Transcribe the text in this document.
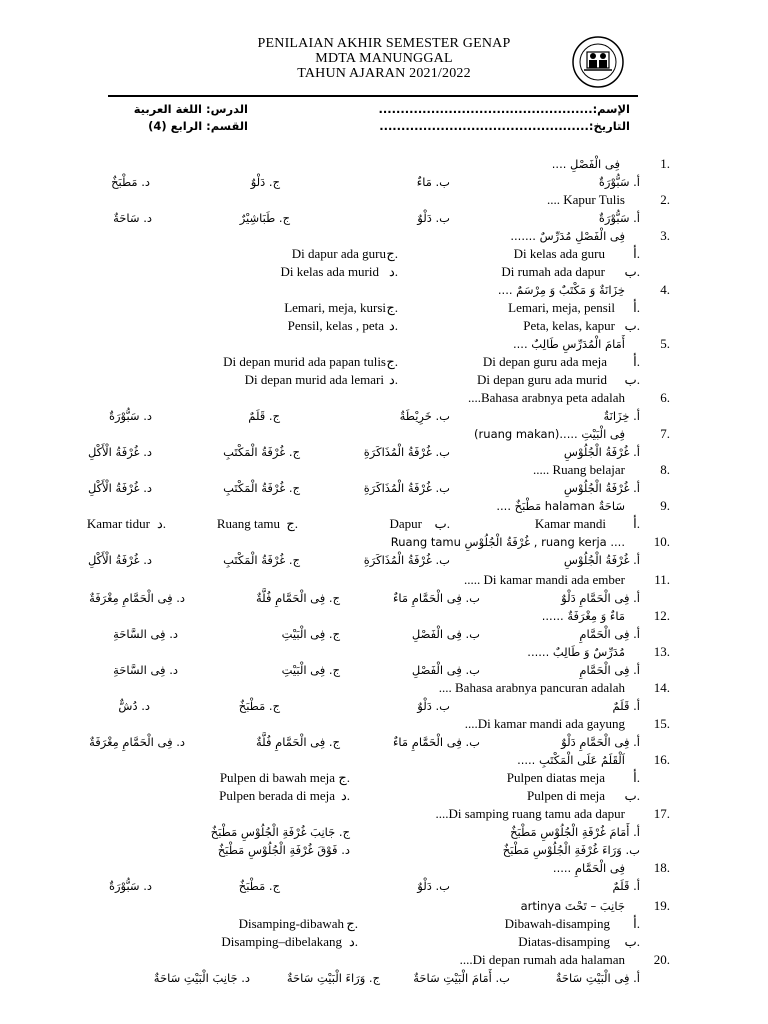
PENILAIAN AKHIR SEMESTER GENAP
MDTA MANUNGGAL
TAHUN AJARAN 2021/2022
الدرس: اللغة العربية
القسم: الرابع (4)
الإسم:.................................................
التاريخ:................................................
1.
فِى الْفَصْلِ ....
أ. سَبُّوْرَةٌ
ب. مَاءٌ
ج. دَلْوٌ
د. مَطْبَخٌ
2.
.... Kapur Tulis
أ. سَبُّوْرَةٌ
ب. دَلْوٌ
ج. طَبَاشِيْرٌ
د. سَاحَةٌ
3.
فِى الْفَصْلِ مُدَرِّسٌ .......
أ.
Di kelas ada guru
ب.
Di rumah ada dapur
ج.
Di dapur ada guru
د.
Di kelas ada murid
4.
خِزَانَةٌ وَ مَكْتَبٌ وَ مِرْسَمٌ ....
أ.
Lemari, meja, pensil
ب.
Peta, kelas, kapur
ج.
Lemari, meja, kursi
د.
Pensil, kelas , peta
5.
أَمَامَ الْمُدَرِّسِ طَالِبٌ ....
أ.
Di depan guru ada meja
ب.
Di depan guru ada murid
ج.
Di depan murid ada papan tulis
د.
Di depan murid ada lemari
6.
....Bahasa arabnya peta adalah
أ. خِزَانَةٌ
ب. خَرِيْطَةٌ
ج. قَلَمٌ
د. سَبُّوْرَةٌ
7.
فِى الْبَيْتِ .....(ruang makan)
أ. غُرْفَةُ الْجُلُوْسِ
ب. غُرْفَةُ الْمُذَاكَرَةِ
ج. غُرْفَةُ الْمَكْتَبِ
د. غُرْفَةُ الْأَكْلِ
8.
..... Ruang belajar
أ. غُرْفَةُ الْجُلُوْسِ
ب. غُرْفَةُ الْمُذَاكَرَةِ
ج. غُرْفَةُ الْمَكْتَبِ
د. غُرْفَةُ الْأَكْلِ
9.
سَاحَةٌ halaman مَطْبَخٌ ....
أ.
Kamar mandi
ب.
Dapur
ج.
Ruang tamu
د.
Kamar tidur
10.
.... ruang kerja , غُرْفَةُ الْجُلُوْسِ Ruang tamu
أ. غُرْفَةُ الْجُلُوْسِ
ب. غُرْفَةُ الْمُذَاكَرَةِ
ج. غُرْفَةُ الْمَكْتَبِ
د. غُرْفَةُ الْأَكْلِ
11.
..... Di kamar mandi ada ember
أ. فِى الْحَمَّامِ دَلْوٌ
ب. فِى الْحَمَّامِ مَاءٌ
ج. فِى الْحَمَّامِ فُلَّةٌ
د. فِى الْحَمَّامِ مِغْرَفَةٌ
12.
مَاءٌ وَ مِغْرَفَةٌ ......
أ. فِى الْحَمَّامِ
ب. فِى الْفَصْلِ
ج. فِى الْبَيْتِ
د. فِى السَّاحَةِ
13.
مُدَرِّسٌ وَ طَالِبٌ ......
أ. فِى الْحَمَّامِ
ب. فِى الْفَصْلِ
ج. فِى الْبَيْتِ
د. فِى السَّاحَةِ
14.
.... Bahasa arabnya pancuran adalah
أ. قَلَمٌ
ب. دَلْوٌ
ج. مَطْبَخٌ
د. دُشٌّ
15.
....Di kamar mandi ada gayung
أ. فِى الْحَمَّامِ دَلْوٌ
ب. فِى الْحَمَّامِ مَاءٌ
ج. فِى الْحَمَّامِ فُلَّةٌ
د. فِى الْحَمَّامِ مِغْرَفَةٌ
16.
اَلْقَلَمُ عَلَى الْمَكْتَبِ .....
أ.
Pulpen diatas meja
ب.
Pulpen di meja
ج.
Pulpen di bawah meja
د.
Pulpen berada di meja
17.
....Di samping ruang tamu ada dapur
أ. أَمَامَ غُرْفَةِ الْجُلُوْسِ مَطْبَخٌ
ب. وَرَاءَ غُرْفَةِ الْجُلُوْسِ مَطْبَخٌ
ج. جَانِبَ غُرْفَةِ الْجُلُوْسِ مَطْبَخٌ
د. فَوْقَ غُرْفَةِ الْجُلُوْسِ مَطْبَخٌ
18.
فِى الْحَمَّامِ .....
أ. قَلَمٌ
ب. دَلْوٌ
ج. مَطْبَخٌ
د. سَبُّوْرَةٌ
19.
جَانِبَ – تَحْتَ artinya
أ.
Dibawah-disamping
ب.
Diatas-disamping
ج.
Disamping-dibawah
د.
Disamping–dibelakang
20.
....Di depan rumah ada halaman
أ. فِى الْبَيْتِ سَاحَةٌ
ب. أَمَامَ الْبَيْتِ سَاحَةٌ
ج. وَرَاءَ الْبَيْتِ سَاحَةٌ
د. جَانِبَ الْبَيْتِ سَاحَةٌ
